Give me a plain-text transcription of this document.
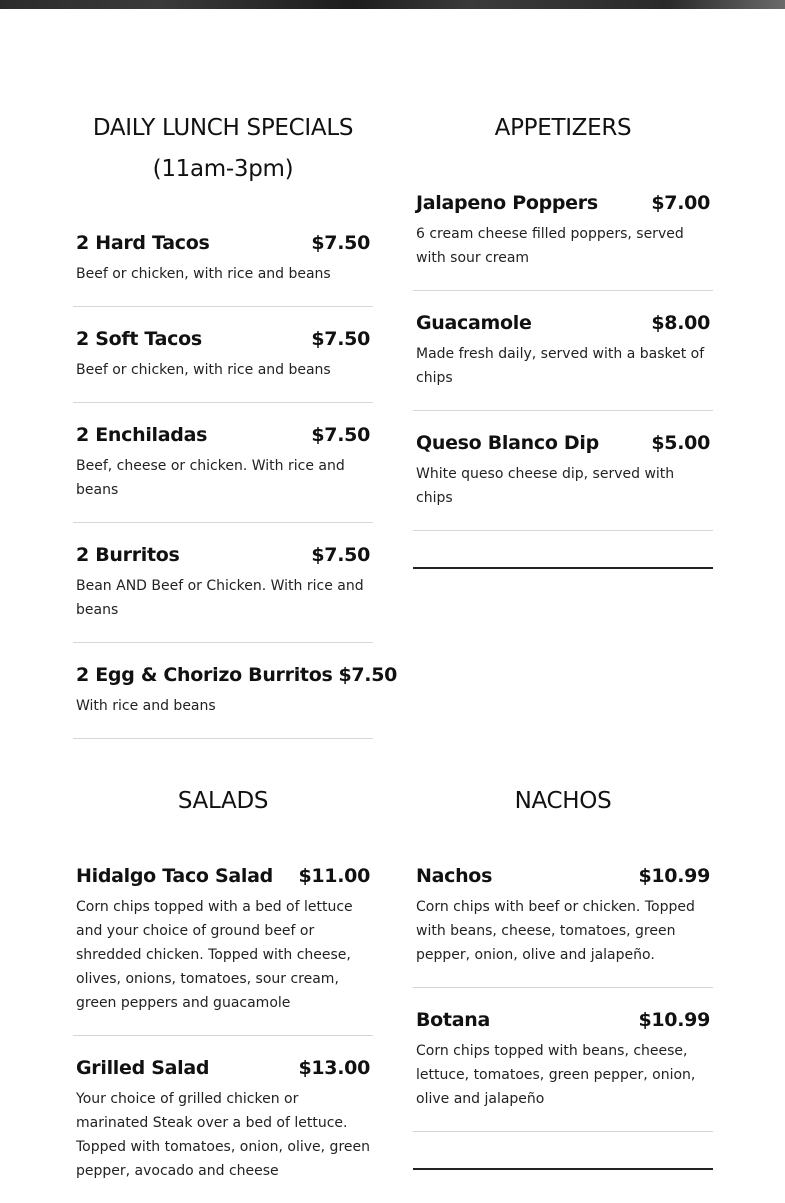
DAILY LUNCH SPECIALS (11am-3pm)
2 Hard Tacos	$7.50
Beef or chicken, with rice and beans
2 Soft Tacos	$7.50
Beef or chicken, with rice and beans
2 Enchiladas	$7.50
Beef, cheese or chicken. With rice and beans
2 Burritos	$7.50
Bean AND Beef or Chicken. With rice and beans
2 Egg & Chorizo Burritos $7.50
With rice and beans
APPETIZERS
Jalapeno Poppers	$7.00
6 cream cheese filled poppers, served with sour cream
Guacamole	$8.00
Made fresh daily, served with a basket of chips
Queso Blanco Dip	$5.00
White queso cheese dip, served with chips
SALADS
Hidalgo Taco Salad $11.00
Corn chips topped with a bed of lettuce and your choice of ground beef or shredded chicken. Topped with cheese, olives, onions, tomatoes, sour cream, green peppers and guacamole
Grilled Salad	$13.00
Your choice of grilled chicken or marinated Steak over a bed of lettuce. Topped with tomatoes, onion, olive, green pepper, avocado and cheese
NACHOS
Nachos	$10.99
Corn chips with beef or chicken. Topped with beans, cheese, tomatoes, green pepper, onion, olive and jalapeño.
Botana	$10.99
Corn chips topped with beans, cheese, lettuce, tomatoes, green pepper, onion, olive and jalapeño
